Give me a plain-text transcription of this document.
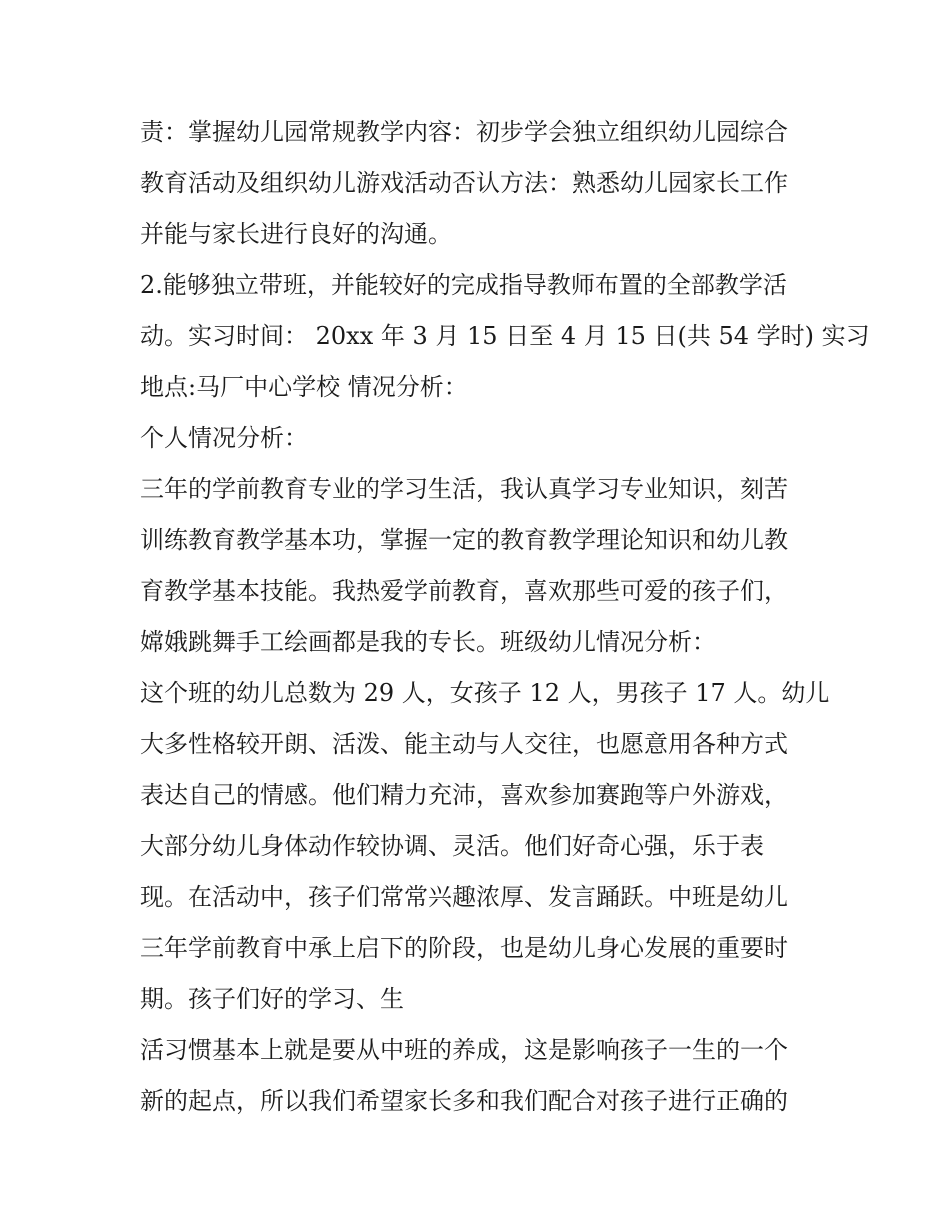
责：掌握幼儿园常规教学内容：初步学会独立组织幼儿园综合

教育活动及组织幼儿游戏活动否认方法：熟悉幼儿园家长工作

并能与家长进行良好的沟通。

2.能够独立带班，并能较好的完成指导教师布置的全部教学活

动。实习时间： 20xx 年 3 月 15 日至 4 月 15 日(共 54 学时) 实习

地点:马厂中心学校 情况分析：

个人情况分析：

三年的学前教育专业的学习生活，我认真学习专业知识，刻苦

训练教育教学基本功，掌握一定的教育教学理论知识和幼儿教

育教学基本技能。我热爱学前教育，喜欢那些可爱的孩子们，

嫦娥跳舞手工绘画都是我的专长。班级幼儿情况分析：

这个班的幼儿总数为 29 人，女孩子 12 人，男孩子 17 人。幼儿

大多性格较开朗、活泼、能主动与人交往，也愿意用各种方式

表达自己的情感。他们精力充沛，喜欢参加赛跑等户外游戏，

大部分幼儿身体动作较协调、灵活。他们好奇心强，乐于表

现。在活动中，孩子们常常兴趣浓厚、发言踊跃。中班是幼儿

三年学前教育中承上启下的阶段，也是幼儿身心发展的重要时

期。孩子们好的学习、生

活习惯基本上就是要从中班的养成，这是影响孩子一生的一个

新的起点，所以我们希望家长多和我们配合对孩子进行正确的
